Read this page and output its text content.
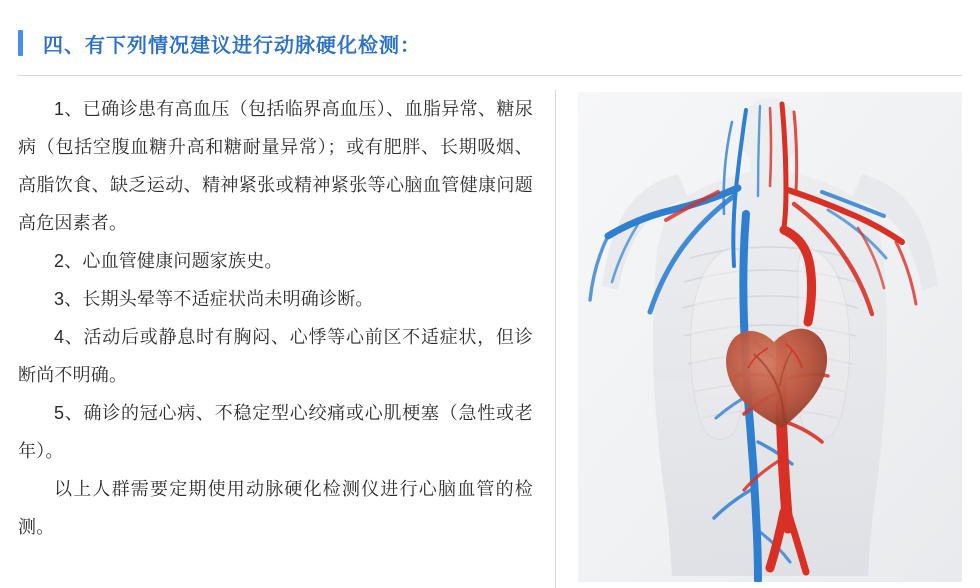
四、有下列情况建议进行动脉硬化检测：

1、已确诊患有高血压（包括临界高血压）、血脂异常、糖尿病（包括空腹血糖升高和糖耐量异常）；或有肥胖、长期吸烟、高脂饮食、缺乏运动、精神紧张或精神紧张等心脑血管健康问题高危因素者。

2、心血管健康问题家族史。

3、长期头晕等不适症状尚未明确诊断。

4、活动后或静息时有胸闷、心悸等心前区不适症状，但诊断尚不明确。

5、确诊的冠心病、不稳定型心绞痛或心肌梗塞（急性或老年）。

以上人群需要定期使用动脉硬化检测仪进行心脑血管的检测。
